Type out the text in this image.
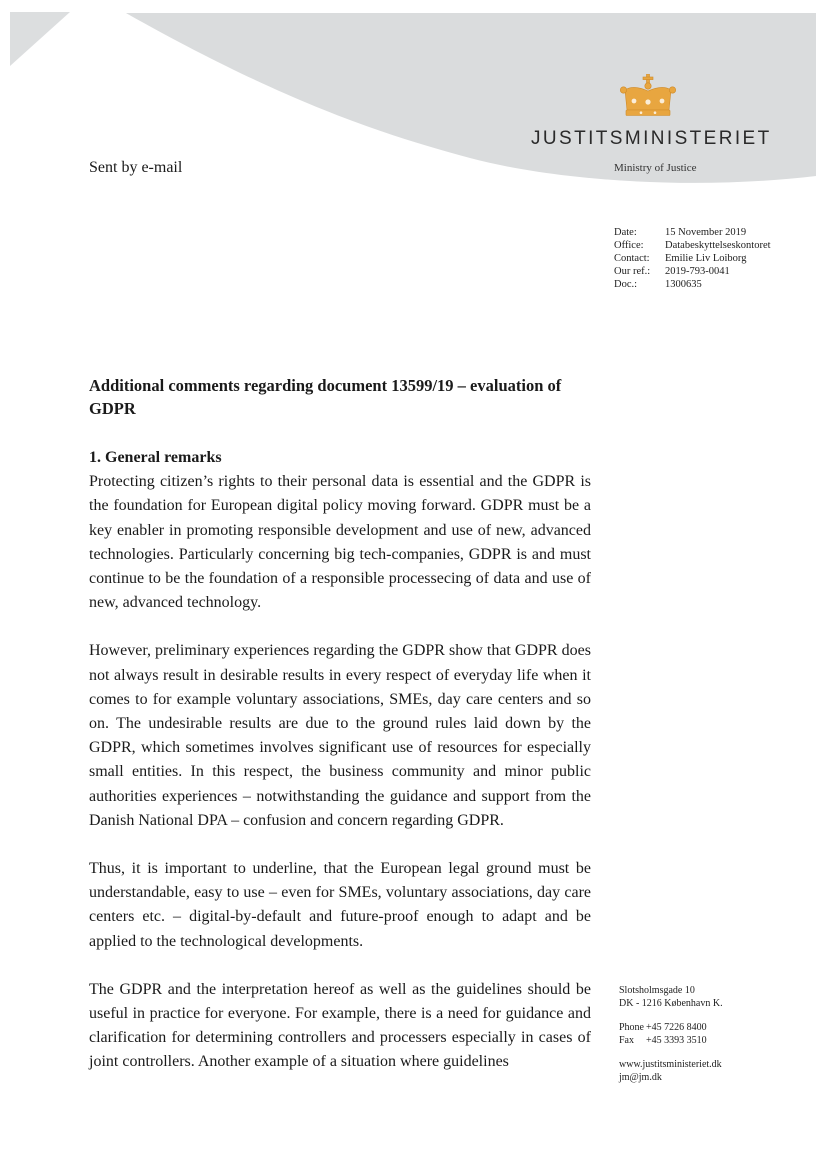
JUSTITSMINISTERIET
Ministry of Justice
Sent by e-mail
Date:	15 November 2019
Office:	Databeskyttelseskontoret
Contact:	Emilie Liv Loiborg
Our ref.:	2019-793-0041
Doc.:	1300635
Additional comments regarding document 13599/19 – evaluation of GDPR

1. General remarks

Protecting citizen’s rights to their personal data is essential and the GDPR is the foundation for European digital policy moving forward. GDPR must be a key enabler in promoting responsible development and use of new, advanced technologies. Particularly concerning big tech-companies, GDPR is and must continue to be the foundation of a responsible processecing of data and use of new, advanced technology.

However, preliminary experiences regarding the GDPR show that GDPR does not always result in desirable results in every respect of everyday life when it comes to for example voluntary associations, SMEs, day care centers and so on. The undesirable results are due to the ground rules laid down by the GDPR, which sometimes involves significant use of resources for especially small entities. In this respect, the business community and minor public authorities experiences – notwithstanding the guidance and support from the Danish National DPA – confusion and concern regarding GDPR.

Thus, it is important to underline, that the European legal ground must be understandable, easy to use – even for SMEs, voluntary associations, day care centers etc. – digital-by-default and future-proof enough to adapt and be applied to the technological developments.

The GDPR and the interpretation hereof as well as the guidelines should be useful in practice for everyone. For example, there is a need for guidance and clarification for determining controllers and processers especially in cases of joint controllers. Another example of a situation where guidelines

Slotsholmsgade 10
DK - 1216 København K.
Phone +45 7226 8400
Fax	+45 3393 3510
www.justitsministeriet.dk
jm@jm.dk
